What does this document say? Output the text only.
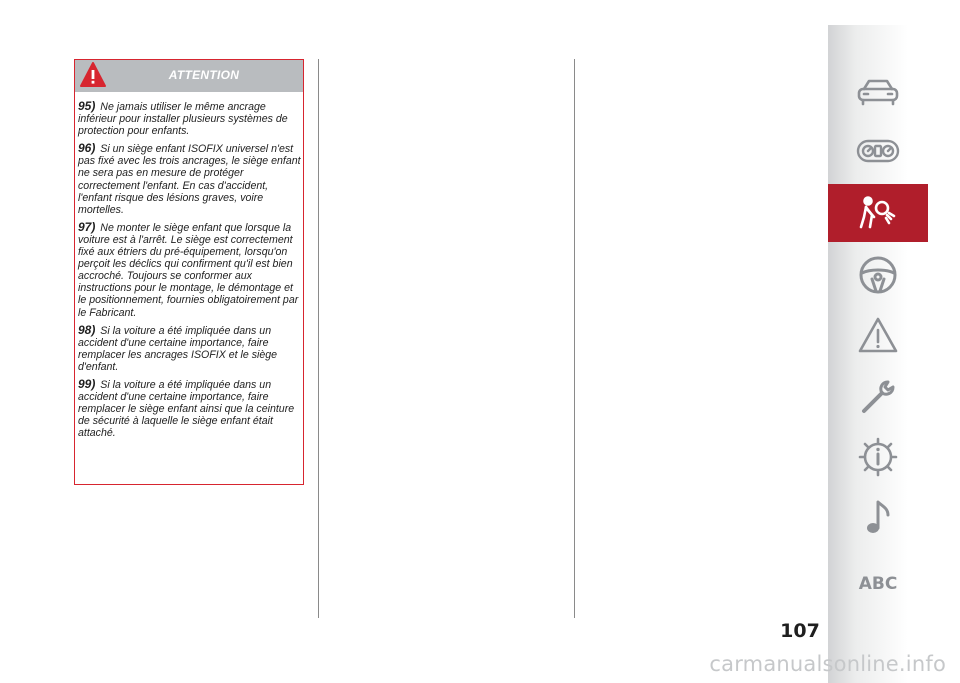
ATTENTION

95) Ne jamais utiliser le même ancrage inférieur pour installer plusieurs systèmes de protection pour enfants.

96) Si un siège enfant ISOFIX universel n'est pas fixé avec les trois ancrages, le siège enfant ne sera pas en mesure de protéger correctement l'enfant. En cas d'accident, l'enfant risque des lésions graves, voire mortelles.

97) Ne monter le siège enfant que lorsque la voiture est à l'arrêt. Le siège est correctement fixé aux étriers du pré-équipement, lorsqu'on perçoit les déclics qui confirment qu'il est bien accroché. Toujours se conformer aux instructions pour le montage, le démontage et le positionnement, fournies obligatoirement par le Fabricant.

98) Si la voiture a été impliquée dans un accident d'une certaine importance, faire remplacer les ancrages ISOFIX et le siège d'enfant.

99) Si la voiture a été impliquée dans un accident d'une certaine importance, faire remplacer le siège enfant ainsi que la ceinture de sécurité à laquelle le siège enfant était attaché.

ABC
107
carmanualsonline.info
